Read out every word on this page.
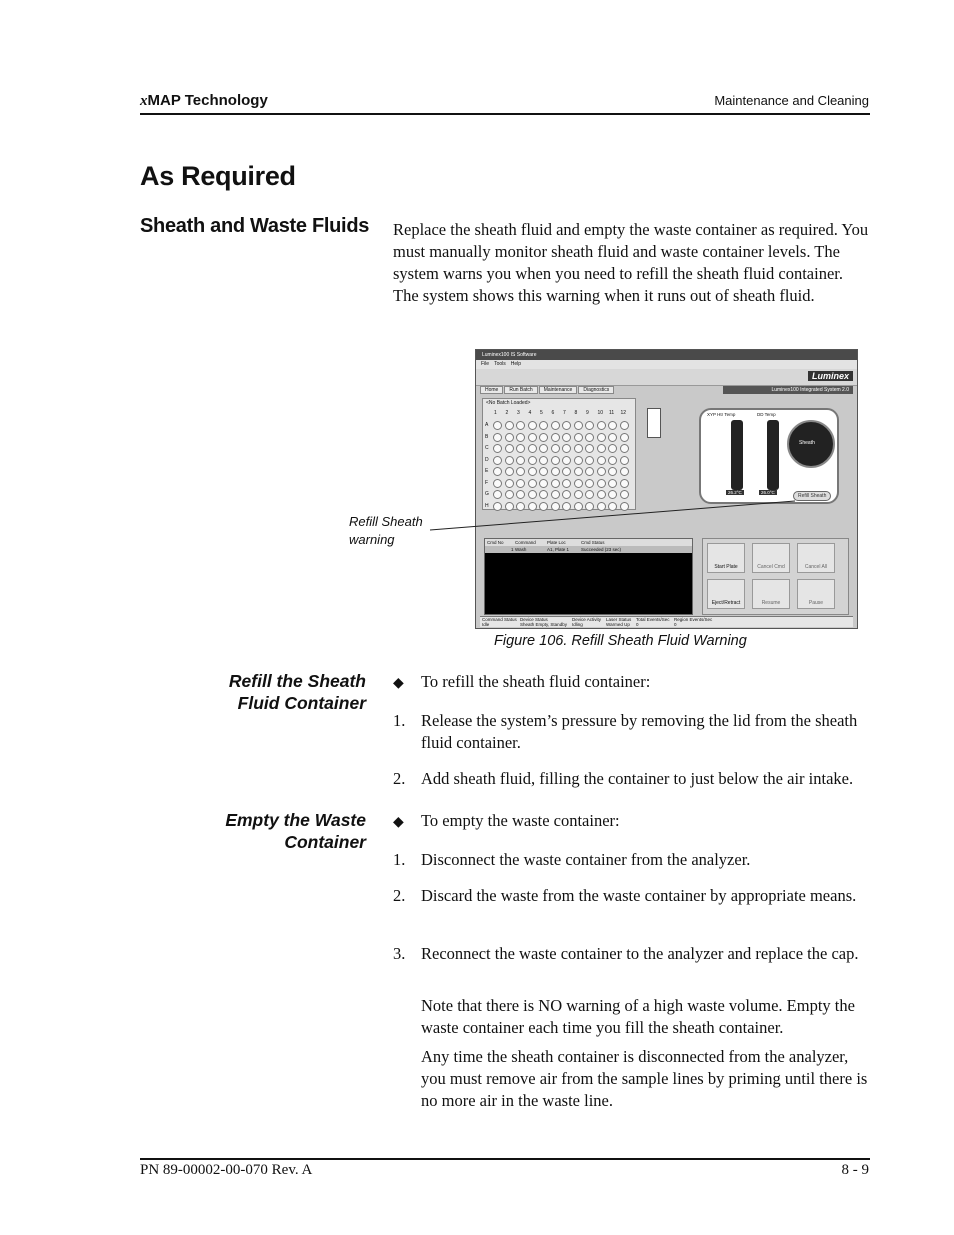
xMAP Technology	Maintenance and Cleaning
As Required
Sheath and Waste Fluids Replace the sheath fluid and empty the waste container as required. You must manually monitor sheath fluid and waste container levels. The system warns you when you need to refill the sheath fluid container. The system shows this warning when it runs out of sheath fluid.
Luminex100 IS Software
File Tools Help
Luminex
Home Run Batch Maintenance Diagnostics	Luminex100 Integrated System 2.0
<No Batch Loaded>
1 2 3 4 5 6 7 8 9 10 11 12
A
B
C
D
E
F
G
H
XYP Htr Temp	DD Temp
Sheath
26.2°C	26.0°C
Refill Sheath
Cmd No	Command Plate Loc	Cmd Status
1 Wash	A1, Plate 1	Succeeded (23 sec)
Start Plate	Cancel Cmd	Cancel All
Eject/Retract	Resume	Pause
Command Status Device Status	Device Activity Laser Status Total Events/Sec Region Events/Sec
Idle	Sheath Empty, Standby Idling	Warmed Up 0	0
Refill Sheath
warning
Figure 106. Refill Sheath Fluid Warning
Refill the Sheath
Fluid Container
◆ To refill the sheath fluid container:
1. Release the system’s pressure by removing the lid from the sheath fluid container.
2. Add sheath fluid, filling the container to just below the air intake.
Empty the Waste
Container
◆ To empty the waste container:
1. Disconnect the waste container from the analyzer.
2. Discard the waste from the waste container by appropriate means.
3. Reconnect the waste container to the analyzer and replace the cap.
Note that there is NO warning of a high waste volume. Empty the waste container each time you fill the sheath container.
Any time the sheath container is disconnected from the analyzer, you must remove air from the sample lines by priming until there is no more air in the waste line.
PN 89-00002-00-070 Rev. A	8 - 9
